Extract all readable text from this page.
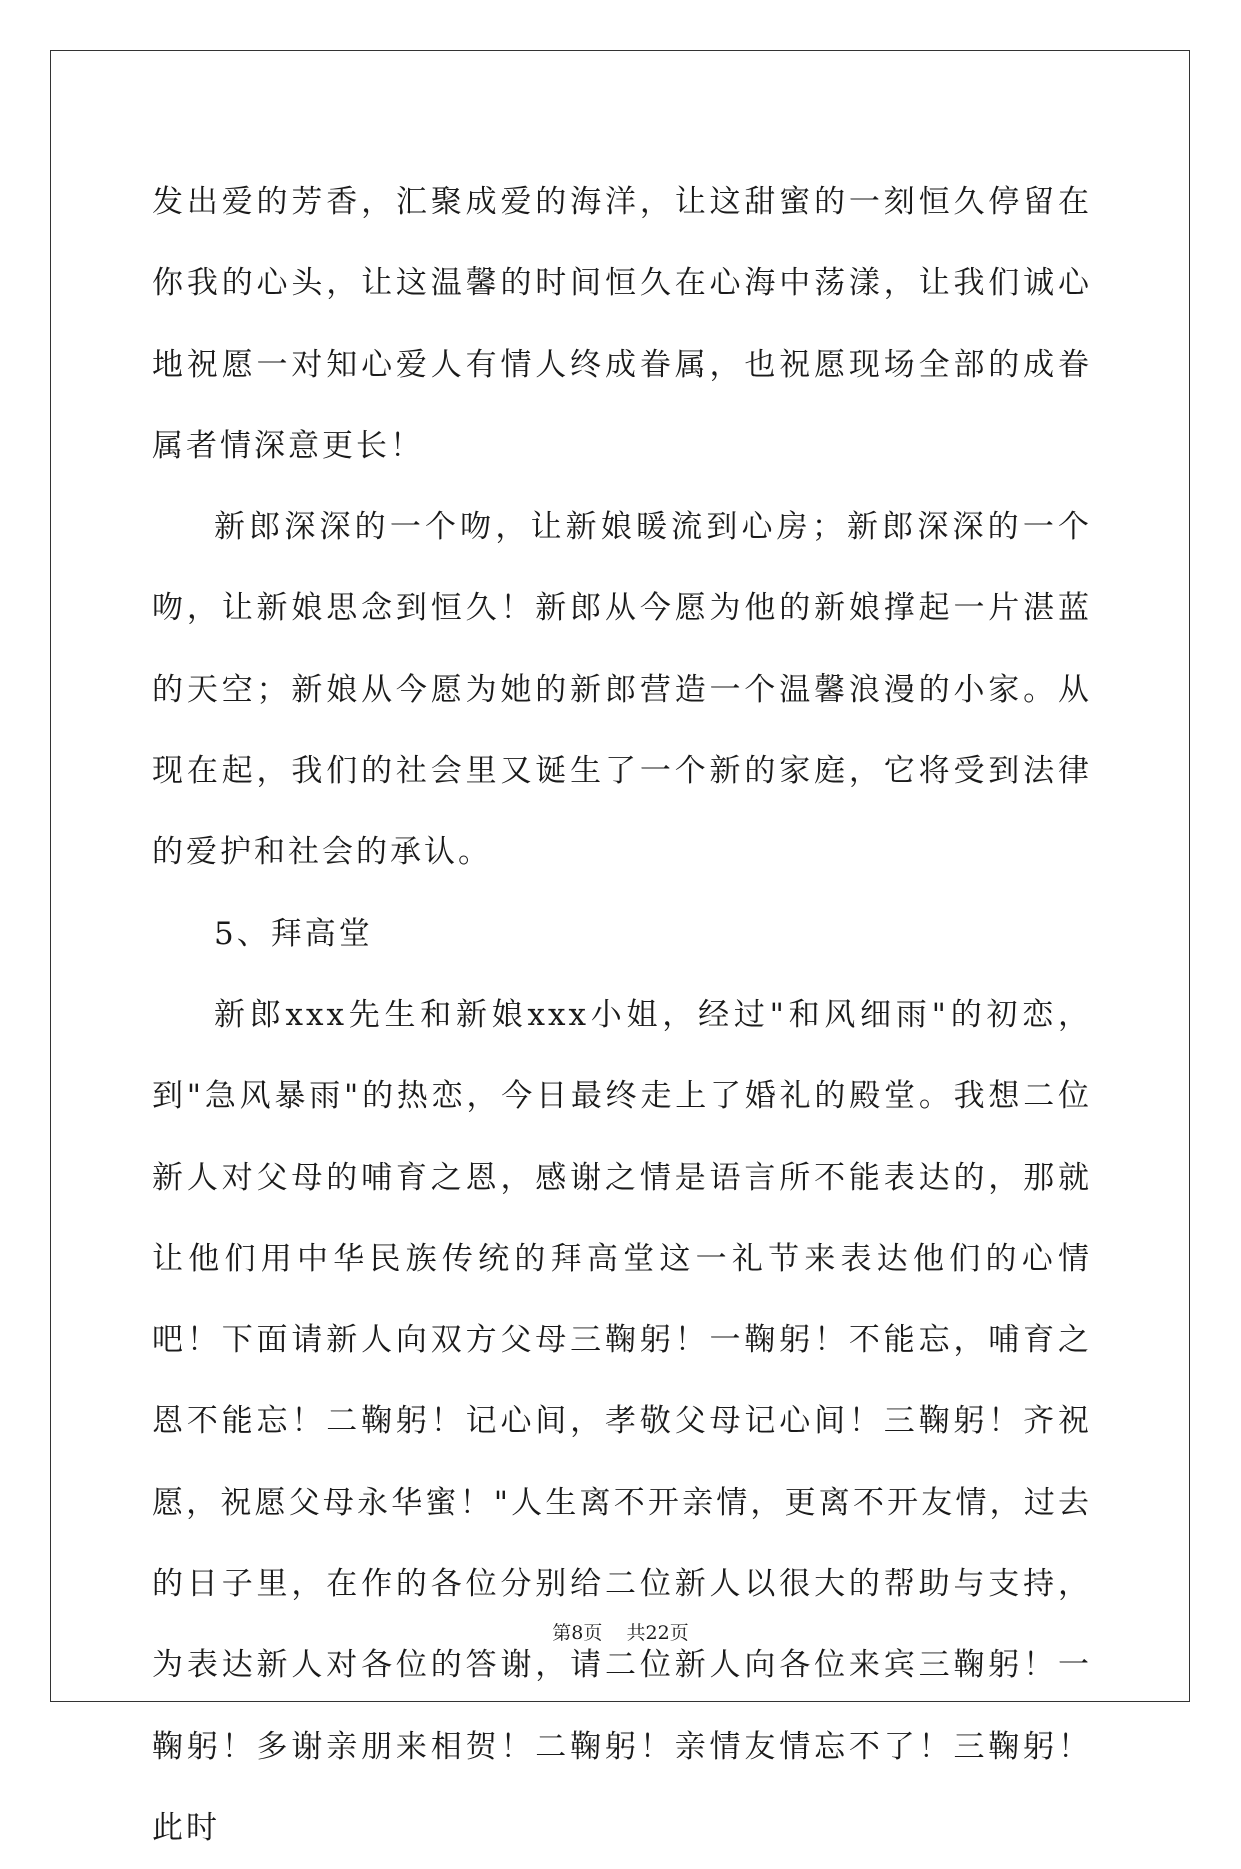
发出爱的芳香，汇聚成爱的海洋，让这甜蜜的一刻恒久停留在你我的心头，让这温馨的时间恒久在心海中荡漾，让我们诚心地祝愿一对知心爱人有情人终成眷属，也祝愿现场全部的成眷属者情深意更长！

新郎深深的一个吻，让新娘暖流到心房；新郎深深的一个吻，让新娘思念到恒久！新郎从今愿为他的新娘撑起一片湛蓝的天空；新娘从今愿为她的新郎营造一个温馨浪漫的小家。从现在起，我们的社会里又诞生了一个新的家庭，它将受到法律的爱护和社会的承认。

5、拜高堂

新郎xxx先生和新娘xxx小姐，经过"和风细雨"的初恋，到"急风暴雨"的热恋，今日最终走上了婚礼的殿堂。我想二位新人对父母的哺育之恩，感谢之情是语言所不能表达的，那就让他们用中华民族传统的拜高堂这一礼节来表达他们的心情吧！下面请新人向双方父母三鞠躬！一鞠躬！不能忘，哺育之恩不能忘！二鞠躬！记心间，孝敬父母记心间！三鞠躬！齐祝愿，祝愿父母永华蜜！"人生离不开亲情，更离不开友情，过去的日子里，在作的各位分别给二位新人以很大的帮助与支持，为表达新人对各位的答谢，请二位新人向各位来宾三鞠躬！一鞠躬！多谢亲朋来相贺！二鞠躬！亲情友情忘不了！三鞠躬！此时

第8页 共22页
